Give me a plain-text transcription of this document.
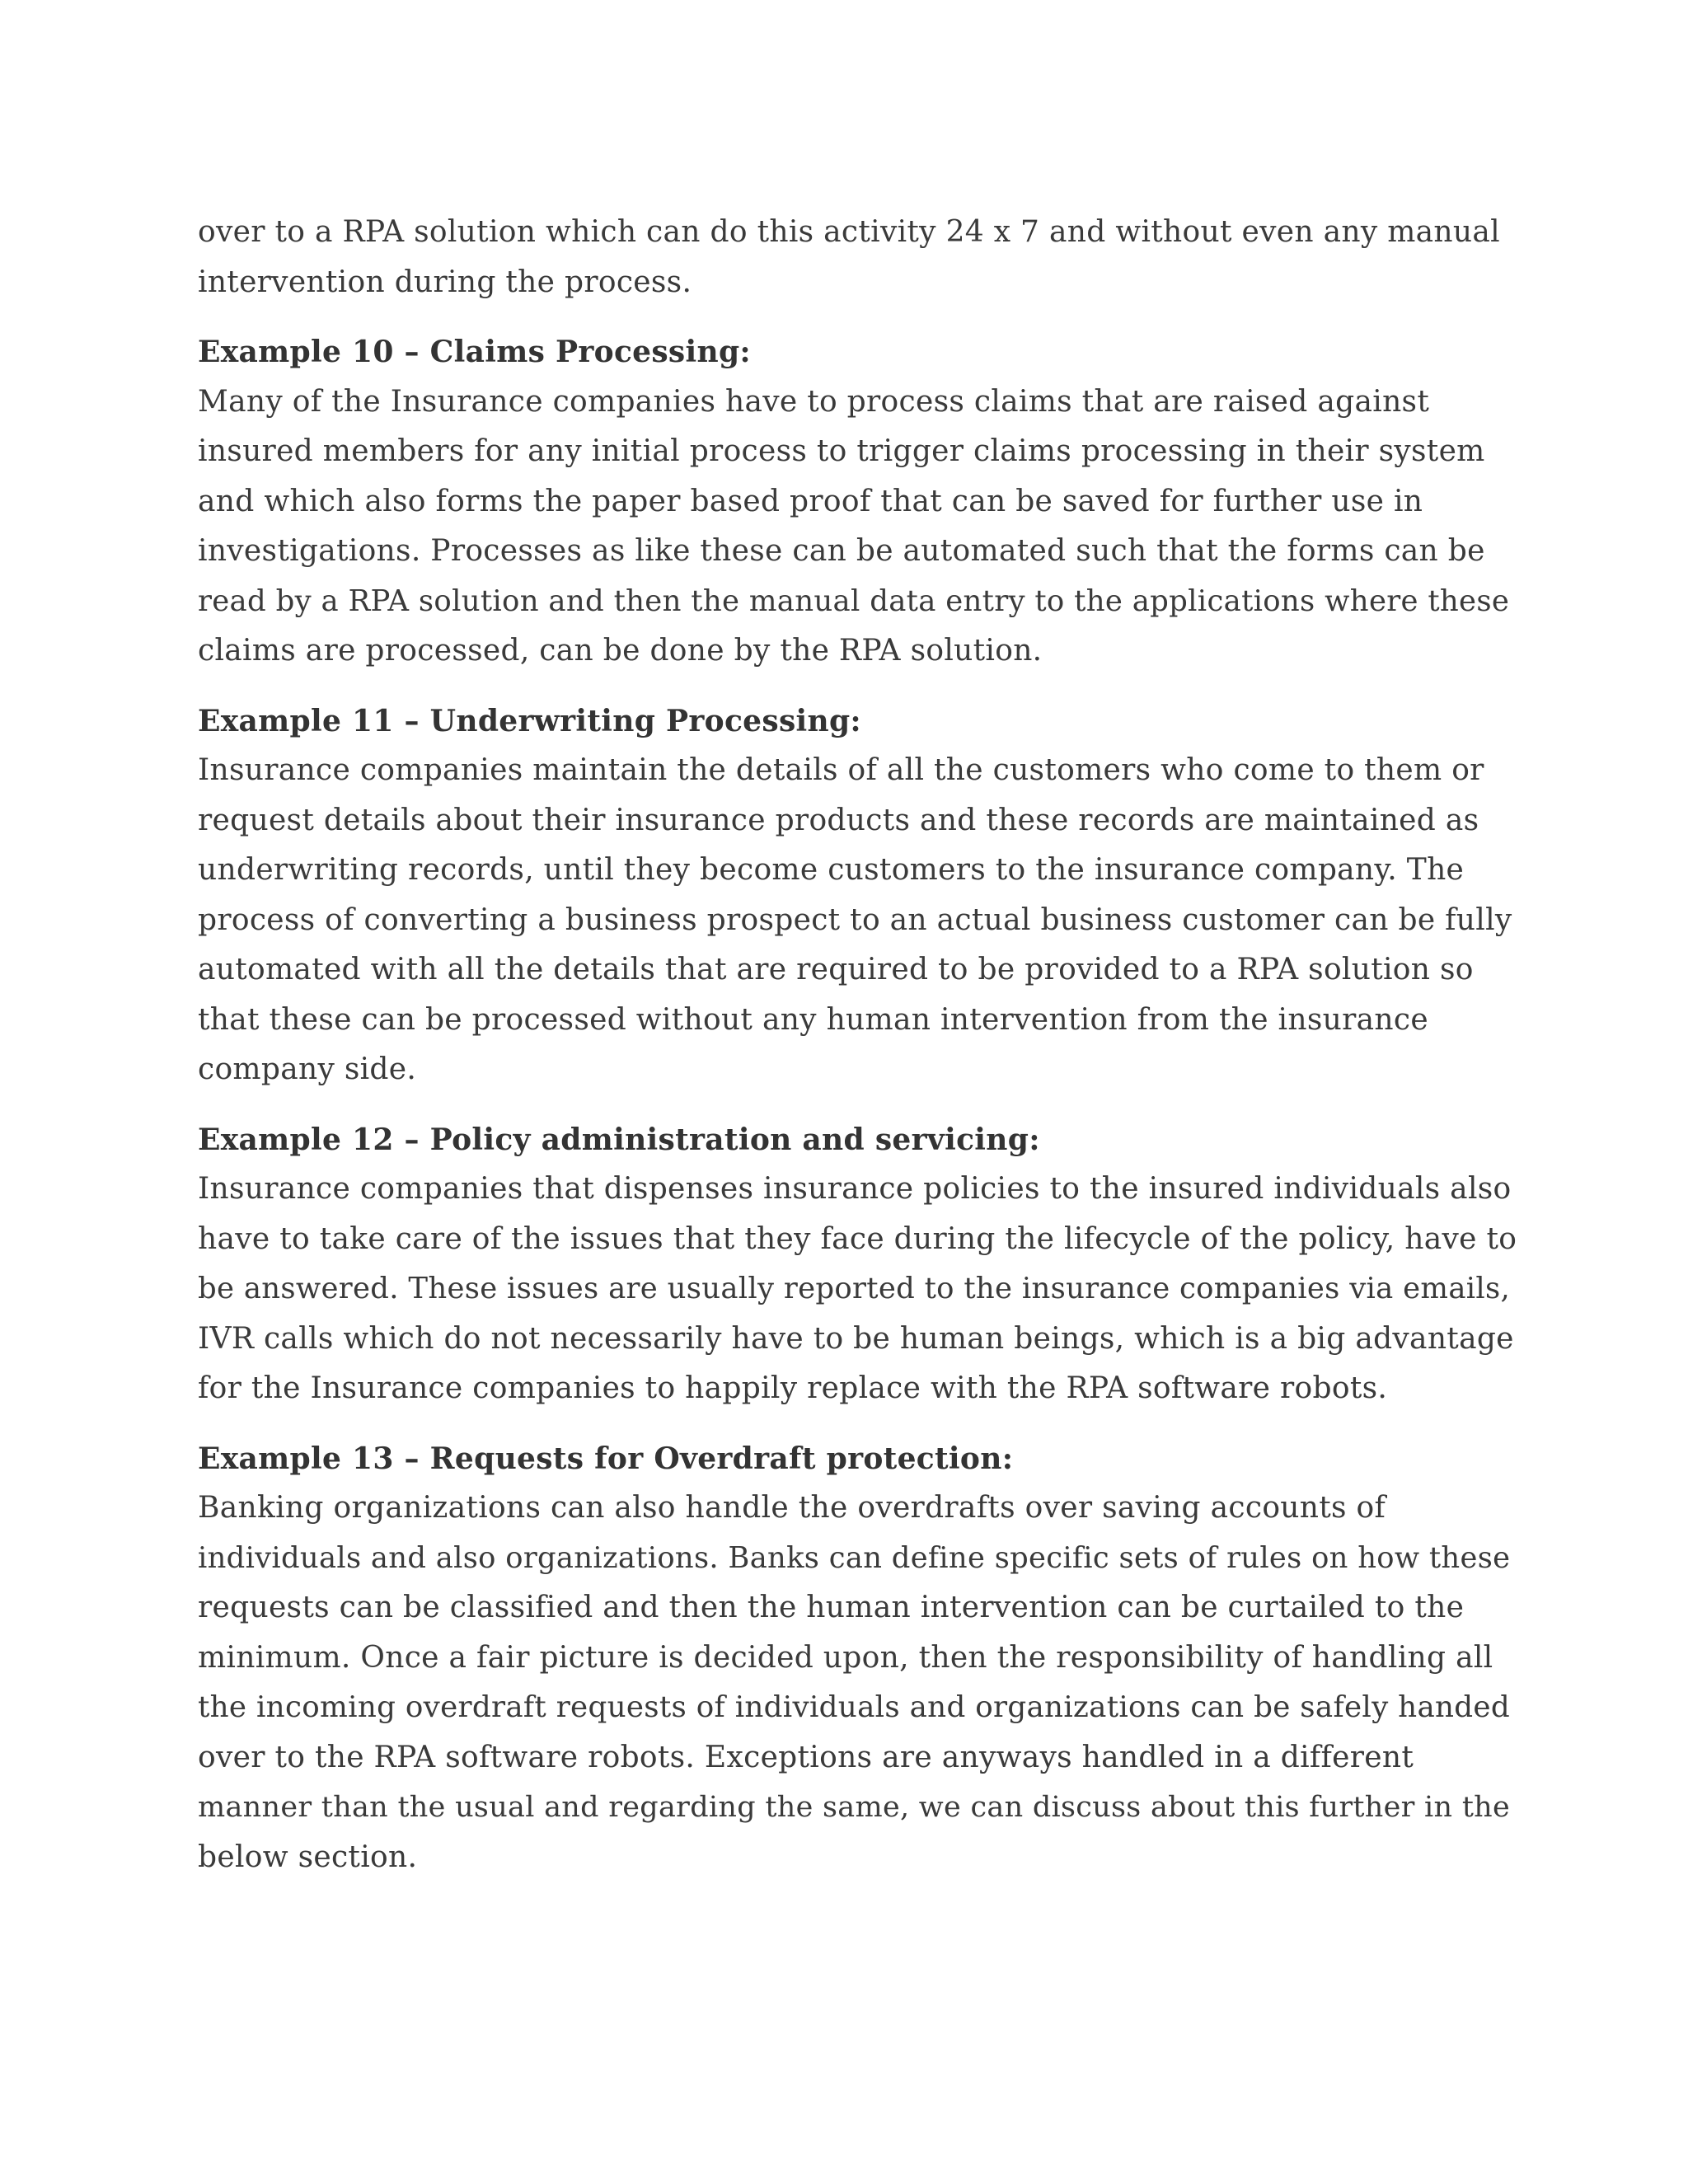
over to a RPA solution which can do this activity 24 x 7 and without even any manual
intervention during the process.
Example 10 – Claims Processing:
Many of the Insurance companies have to process claims that are raised against
insured members for any initial process to trigger claims processing in their system
and which also forms the paper based proof that can be saved for further use in
investigations. Processes as like these can be automated such that the forms can be
read by a RPA solution and then the manual data entry to the applications where these
claims are processed, can be done by the RPA solution.
Example 11 – Underwriting Processing:
Insurance companies maintain the details of all the customers who come to them or
request details about their insurance products and these records are maintained as
underwriting records, until they become customers to the insurance company. The
process of converting a business prospect to an actual business customer can be fully
automated with all the details that are required to be provided to a RPA solution so
that these can be processed without any human intervention from the insurance
company side.
Example 12 – Policy administration and servicing:
Insurance companies that dispenses insurance policies to the insured individuals also
have to take care of the issues that they face during the lifecycle of the policy, have to
be answered. These issues are usually reported to the insurance companies via emails,
IVR calls which do not necessarily have to be human beings, which is a big advantage
for the Insurance companies to happily replace with the RPA software robots.
Example 13 – Requests for Overdraft protection:
Banking organizations can also handle the overdrafts over saving accounts of
individuals and also organizations. Banks can define specific sets of rules on how these
requests can be classified and then the human intervention can be curtailed to the
minimum. Once a fair picture is decided upon, then the responsibility of handling all
the incoming overdraft requests of individuals and organizations can be safely handed
over to the RPA software robots. Exceptions are anyways handled in a different
manner than the usual and regarding the same, we can discuss about this further in the
below section.
